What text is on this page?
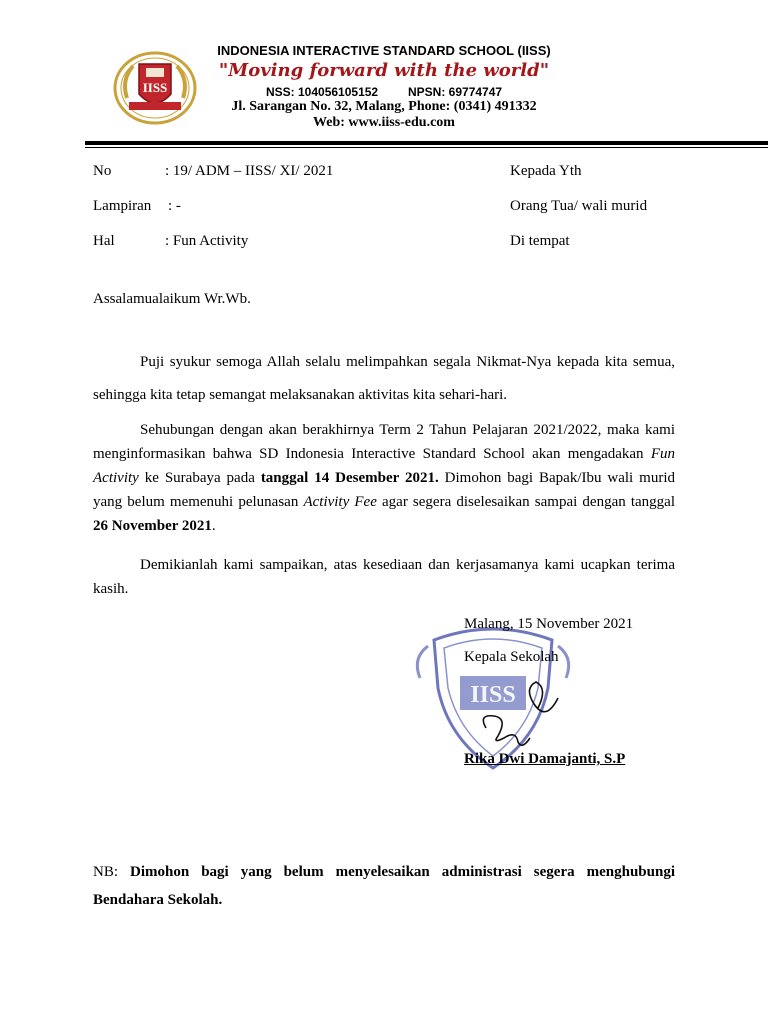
IISS
INDONESIA INTERACTIVE STANDARD SCHOOL (IISS)
"Moving forward with the world"
NSS: 104056105152 NPSN: 69774747
Jl. Sarangan No. 32, Malang, Phone: (0341) 491332
Web: www.iiss-edu.com
No	: 19/ ADM – IISS/ XI/ 2021
Lampiran : -
Hal	: Fun Activity
Kepada Yth
Orang Tua/ wali murid
Di tempat
Assalamualaikum Wr.Wb.
Puji syukur semoga Allah selalu melimpahkan segala Nikmat-Nya kepada kita semua,
sehingga kita tetap semangat melaksanakan aktivitas kita sehari-hari.
Sehubungan dengan akan berakhirnya Term 2 Tahun Pelajaran 2021/2022, maka kami menginformasikan bahwa SD Indonesia Interactive Standard School akan mengadakan Fun Activity ke Surabaya pada tanggal 14 Desember 2021. Dimohon bagi Bapak/Ibu wali murid yang belum memenuhi pelunasan Activity Fee agar segera diselesaikan sampai dengan tanggal 26 November 2021.
Demikianlah kami sampaikan, atas kesediaan dan kerjasamanya kami ucapkan terima kasih.
IISS
Malang, 15 November 2021
Kepala Sekolah
Rika Dwi Damajanti, S.P
NB: Dimohon bagi yang belum menyelesaikan administrasi segera menghubungi Bendahara Sekolah.
